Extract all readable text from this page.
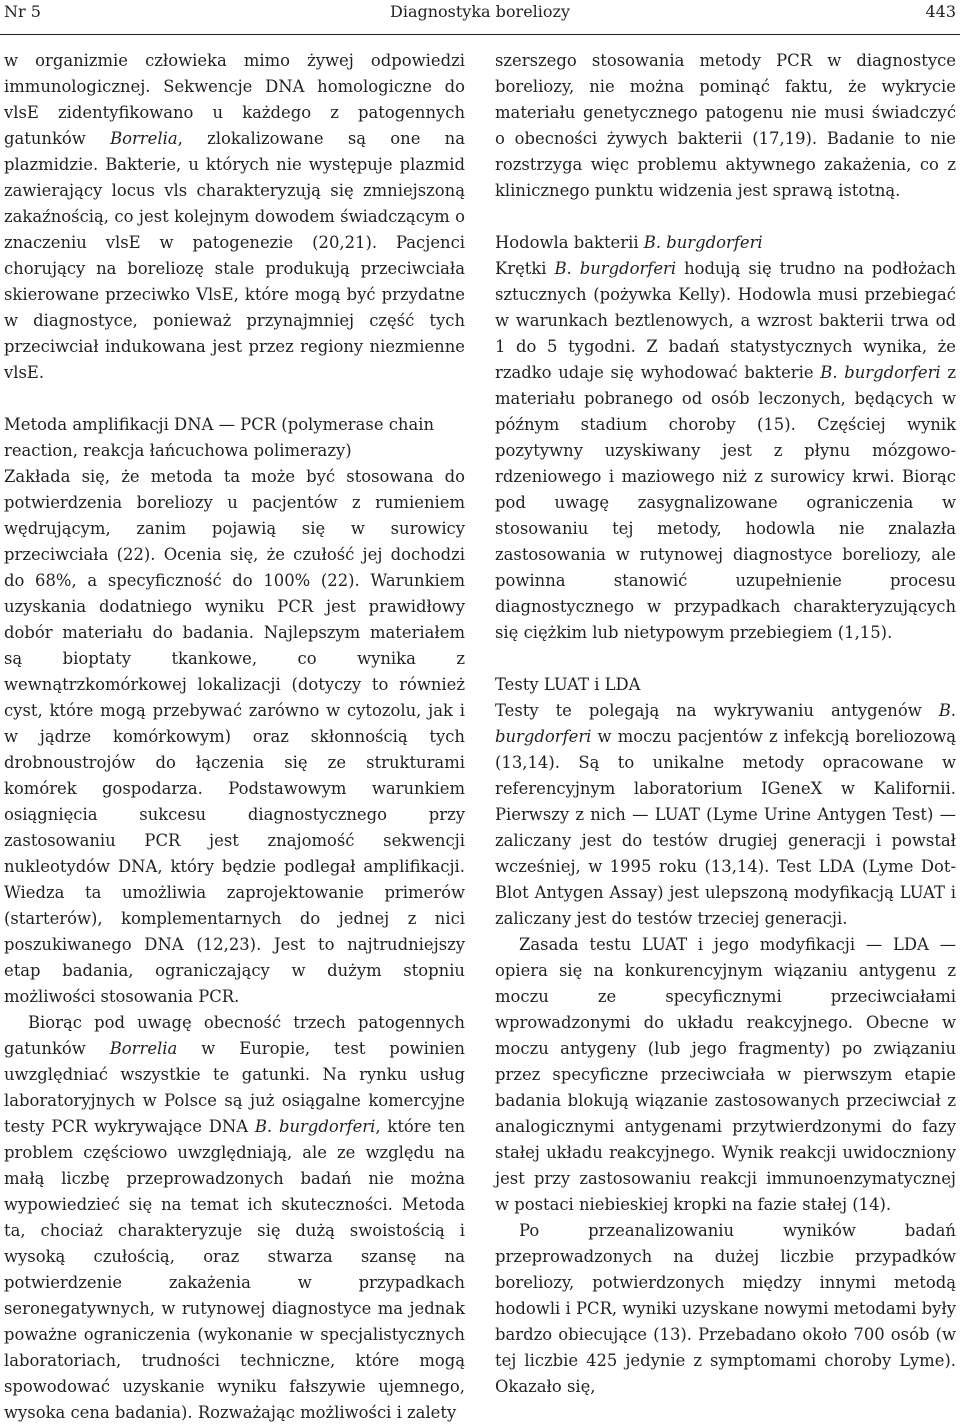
Nr 5	Diagnostyka boreliozy	443

w organizmie człowieka mimo żywej odpowiedzi immunologicznej. Sekwencje DNA homologiczne do vlsE zidentyfikowano u każdego z patogennych gatunków Borrelia, zlokalizowane są one na plazmidzie. Bakterie, u których nie występuje plazmid zawierający locus vls charakteryzują się zmniejszoną zakaźnością, co jest kolejnym dowodem świadczącym o znaczeniu vlsE w patogenezie (20,21). Pacjenci chorujący na boreliozę stale produkują przeciwciała skierowane przeciwko VlsE, które mogą być przydatne w diagnostyce, ponieważ przynajmniej część tych przeciwciał indukowana jest przez regiony niezmienne vlsE.

Metoda amplifikacji DNA — PCR (polymerase chain reaction, reakcja łańcuchowa polimerazy)

Zakłada się, że metoda ta może być stosowana do potwierdzenia boreliozy u pacjentów z rumieniem wędrującym, zanim pojawią się w surowicy przeciwciała (22). Ocenia się, że czułość jej dochodzi do 68%, a specyficzność do 100% (22). Warunkiem uzyskania dodatniego wyniku PCR jest prawidłowy dobór materiału do badania. Najlepszym materiałem są bioptaty tkankowe, co wynika z wewnątrzkomórkowej lokalizacji (dotyczy to również cyst, które mogą przebywać zarówno w cytozolu, jak i w jądrze komórkowym) oraz skłonnością tych drobnoustrojów do łączenia się ze strukturami komórek gospodarza. Podstawowym warunkiem osiągnięcia sukcesu diagnostycznego przy zastosowaniu PCR jest znajomość sekwencji nukleotydów DNA, który będzie podlegał amplifikacji. Wiedza ta umożliwia zaprojektowanie primerów (starterów), komplementarnych do jednej z nici poszukiwanego DNA (12,23). Jest to najtrudniejszy etap badania, ograniczający w dużym stopniu możliwości stosowania PCR.

Biorąc pod uwagę obecność trzech patogennych gatunków Borrelia w Europie, test powinien uwzględniać wszystkie te gatunki. Na rynku usług laboratoryjnych w Polsce są już osiągalne komercyjne testy PCR wykrywające DNA B. burgdorferi, które ten problem częściowo uwzględniają, ale ze względu na małą liczbę przeprowadzonych badań nie można wypowiedzieć się na temat ich skuteczności. Metoda ta, chociaż charakteryzuje się dużą swoistością i wysoką czułością, oraz stwarza szansę na potwierdzenie zakażenia w przypadkach seronegatywnych, w rutynowej diagnostyce ma jednak poważne ograniczenia (wykonanie w specjalistycznych laboratoriach, trudności techniczne, które mogą spowodować uzyskanie wyniku fałszywie ujemnego, wysoka cena badania). Rozważając możliwości i zalety

szerszego stosowania metody PCR w diagnostyce boreliozy, nie można pominąć faktu, że wykrycie materiału genetycznego patogenu nie musi świadczyć o obecności żywych bakterii (17,19). Badanie to nie rozstrzyga więc problemu aktywnego zakażenia, co z klinicznego punktu widzenia jest sprawą istotną.

Hodowla bakterii B. burgdorferi

Krętki B. burgdorferi hodują się trudno na podłożach sztucznych (pożywka Kelly). Hodowla musi przebiegać w warunkach beztlenowych, a wzrost bakterii trwa od 1 do 5 tygodni. Z badań statystycznych wynika, że rzadko udaje się wyhodować bakterie B. burgdorferi z materiału pobranego od osób leczonych, będących w późnym stadium choroby (15). Częściej wynik pozytywny uzyskiwany jest z płynu mózgowo-rdzeniowego i maziowego niż z surowicy krwi. Biorąc pod uwagę zasygnalizowane ograniczenia w stosowaniu tej metody, hodowla nie znalazła zastosowania w rutynowej diagnostyce boreliozy, ale powinna stanowić uzupełnienie procesu diagnostycznego w przypadkach charakteryzujących się ciężkim lub nietypowym przebiegiem (1,15).

Testy LUAT i LDA

Testy te polegają na wykrywaniu antygenów B. burgdorferi w moczu pacjentów z infekcją boreliozową (13,14). Są to unikalne metody opracowane w referencyjnym laboratorium IGeneX w Kalifornii. Pierwszy z nich — LUAT (Lyme Urine Antygen Test) — zaliczany jest do testów drugiej generacji i powstał wcześniej, w 1995 roku (13,14). Test LDA (Lyme Dot-Blot Antygen Assay) jest ulepszoną modyfikacją LUAT i zaliczany jest do testów trzeciej generacji.

Zasada testu LUAT i jego modyfikacji — LDA — opiera się na konkurencyjnym wiązaniu antygenu z moczu ze specyficznymi przeciwciałami wprowadzonymi do układu reakcyjnego. Obecne w moczu antygeny (lub jego fragmenty) po związaniu przez specyficzne przeciwciała w pierwszym etapie badania blokują wiązanie zastosowanych przeciwciał z analogicznymi antygenami przytwierdzonymi do fazy stałej układu reakcyjnego. Wynik reakcji uwidoczniony jest przy zastosowaniu reakcji immunoenzymatycznej w postaci niebieskiej kropki na fazie stałej (14).

Po przeanalizowaniu wyników badań przeprowadzonych na dużej liczbie przypadków boreliozy, potwierdzonych między innymi metodą hodowli i PCR, wyniki uzyskane nowymi metodami były bardzo obiecujące (13). Przebadano około 700 osób (w tej liczbie 425 jedynie z symptomami choroby Lyme). Okazało się,
